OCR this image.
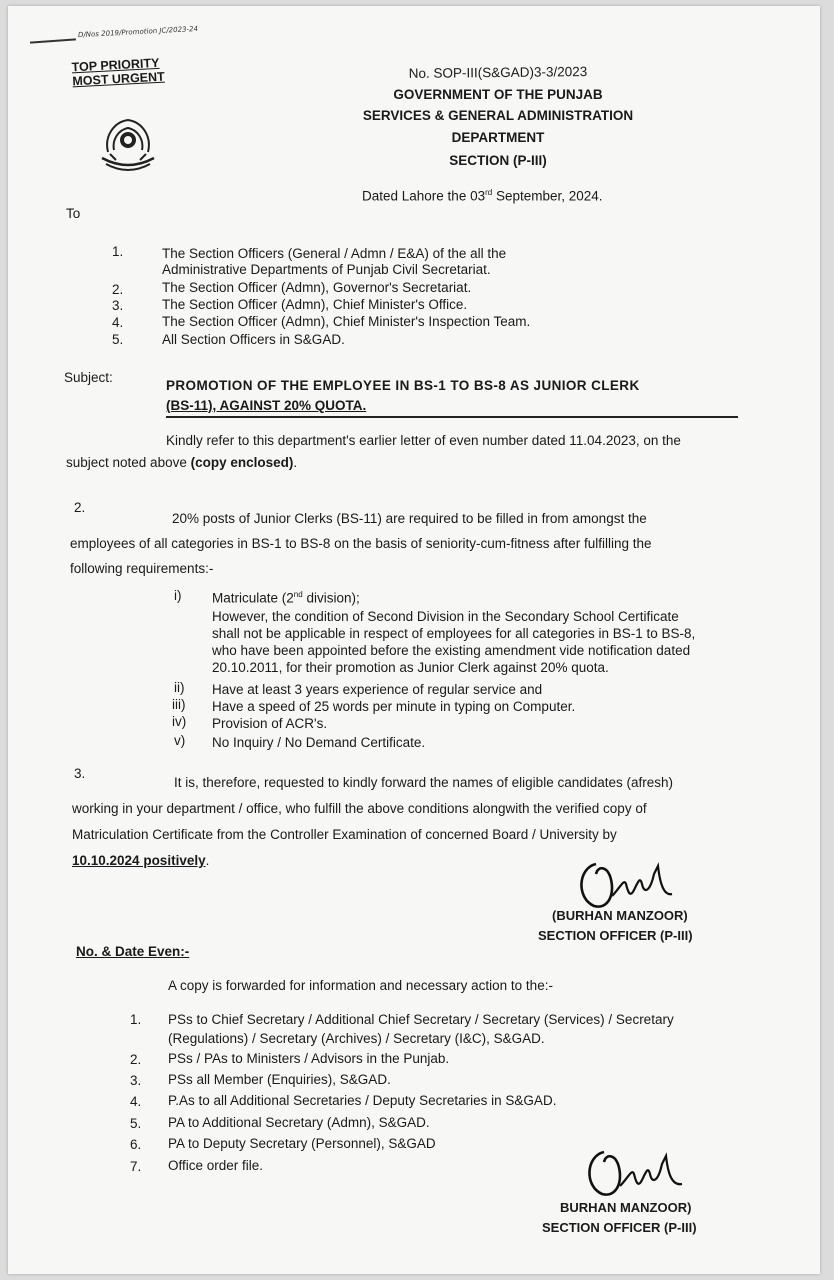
D/Nos 2019/Promotion JC/2023-24
TOP PRIORITY
MOST URGENT	No. SOP-III(S&GAD)3-3/2023
GOVERNMENT OF THE PUNJAB
SERVICES & GENERAL ADMINISTRATION
DEPARTMENT
SECTION (P-III)
Dated Lahore the 03rd September, 2024.
To
1.	The Section Officers (General / Admn / E&A) of the all the
Administrative Departments of Punjab Civil Secretariat.
2.	The Section Officer (Admn), Governor's Secretariat.
3.	The Section Officer (Admn), Chief Minister's Office.
4.	The Section Officer (Admn), Chief Minister's Inspection Team.
5.	All Section Officers in S&GAD.
Subject:
PROMOTION OF THE EMPLOYEE IN BS-1 TO BS-8 AS JUNIOR CLERK
(BS-11), AGAINST 20% QUOTA.
Kindly refer to this department's earlier letter of even number dated 11.04.2023, on the
subject noted above (copy enclosed).
2.
20% posts of Junior Clerks (BS-11) are required to be filled in from amongst the
employees of all categories in BS-1 to BS-8 on the basis of seniority-cum-fitness after fulfilling the
following requirements:-
i) Matriculate (2nd division);
However, the condition of Second Division in the Secondary School Certificate
shall not be applicable in respect of employees for all categories in BS-1 to BS-8,
who have been appointed before the existing amendment vide notification dated
20.10.2011, for their promotion as Junior Clerk against 20% quota.
ii) Have at least 3 years experience of regular service and
iii) Have a speed of 25 words per minute in typing on Computer.
iv) Provision of ACR's.
v) No Inquiry / No Demand Certificate.
3.
It is, therefore, requested to kindly forward the names of eligible candidates (afresh)
working in your department / office, who fulfill the above conditions alongwith the verified copy of
Matriculation Certificate from the Controller Examination of concerned Board / University by
10.10.2024 positively.
(BURHAN MANZOOR)
SECTION OFFICER (P-III)
No. & Date Even:-
A copy is forwarded for information and necessary action to the:-
1. PSs to Chief Secretary / Additional Chief Secretary / Secretary (Services) / Secretary
(Regulations) / Secretary (Archives) / Secretary (I&C), S&GAD.
2. PSs / PAs to Ministers / Advisors in the Punjab.
3. PSs all Member (Enquiries), S&GAD.
4. P.As to all Additional Secretaries / Deputy Secretaries in S&GAD.
5. PA to Additional Secretary (Admn), S&GAD.
6. PA to Deputy Secretary (Personnel), S&GAD
7. Office order file.
BURHAN MANZOOR)
SECTION OFFICER (P-III)
